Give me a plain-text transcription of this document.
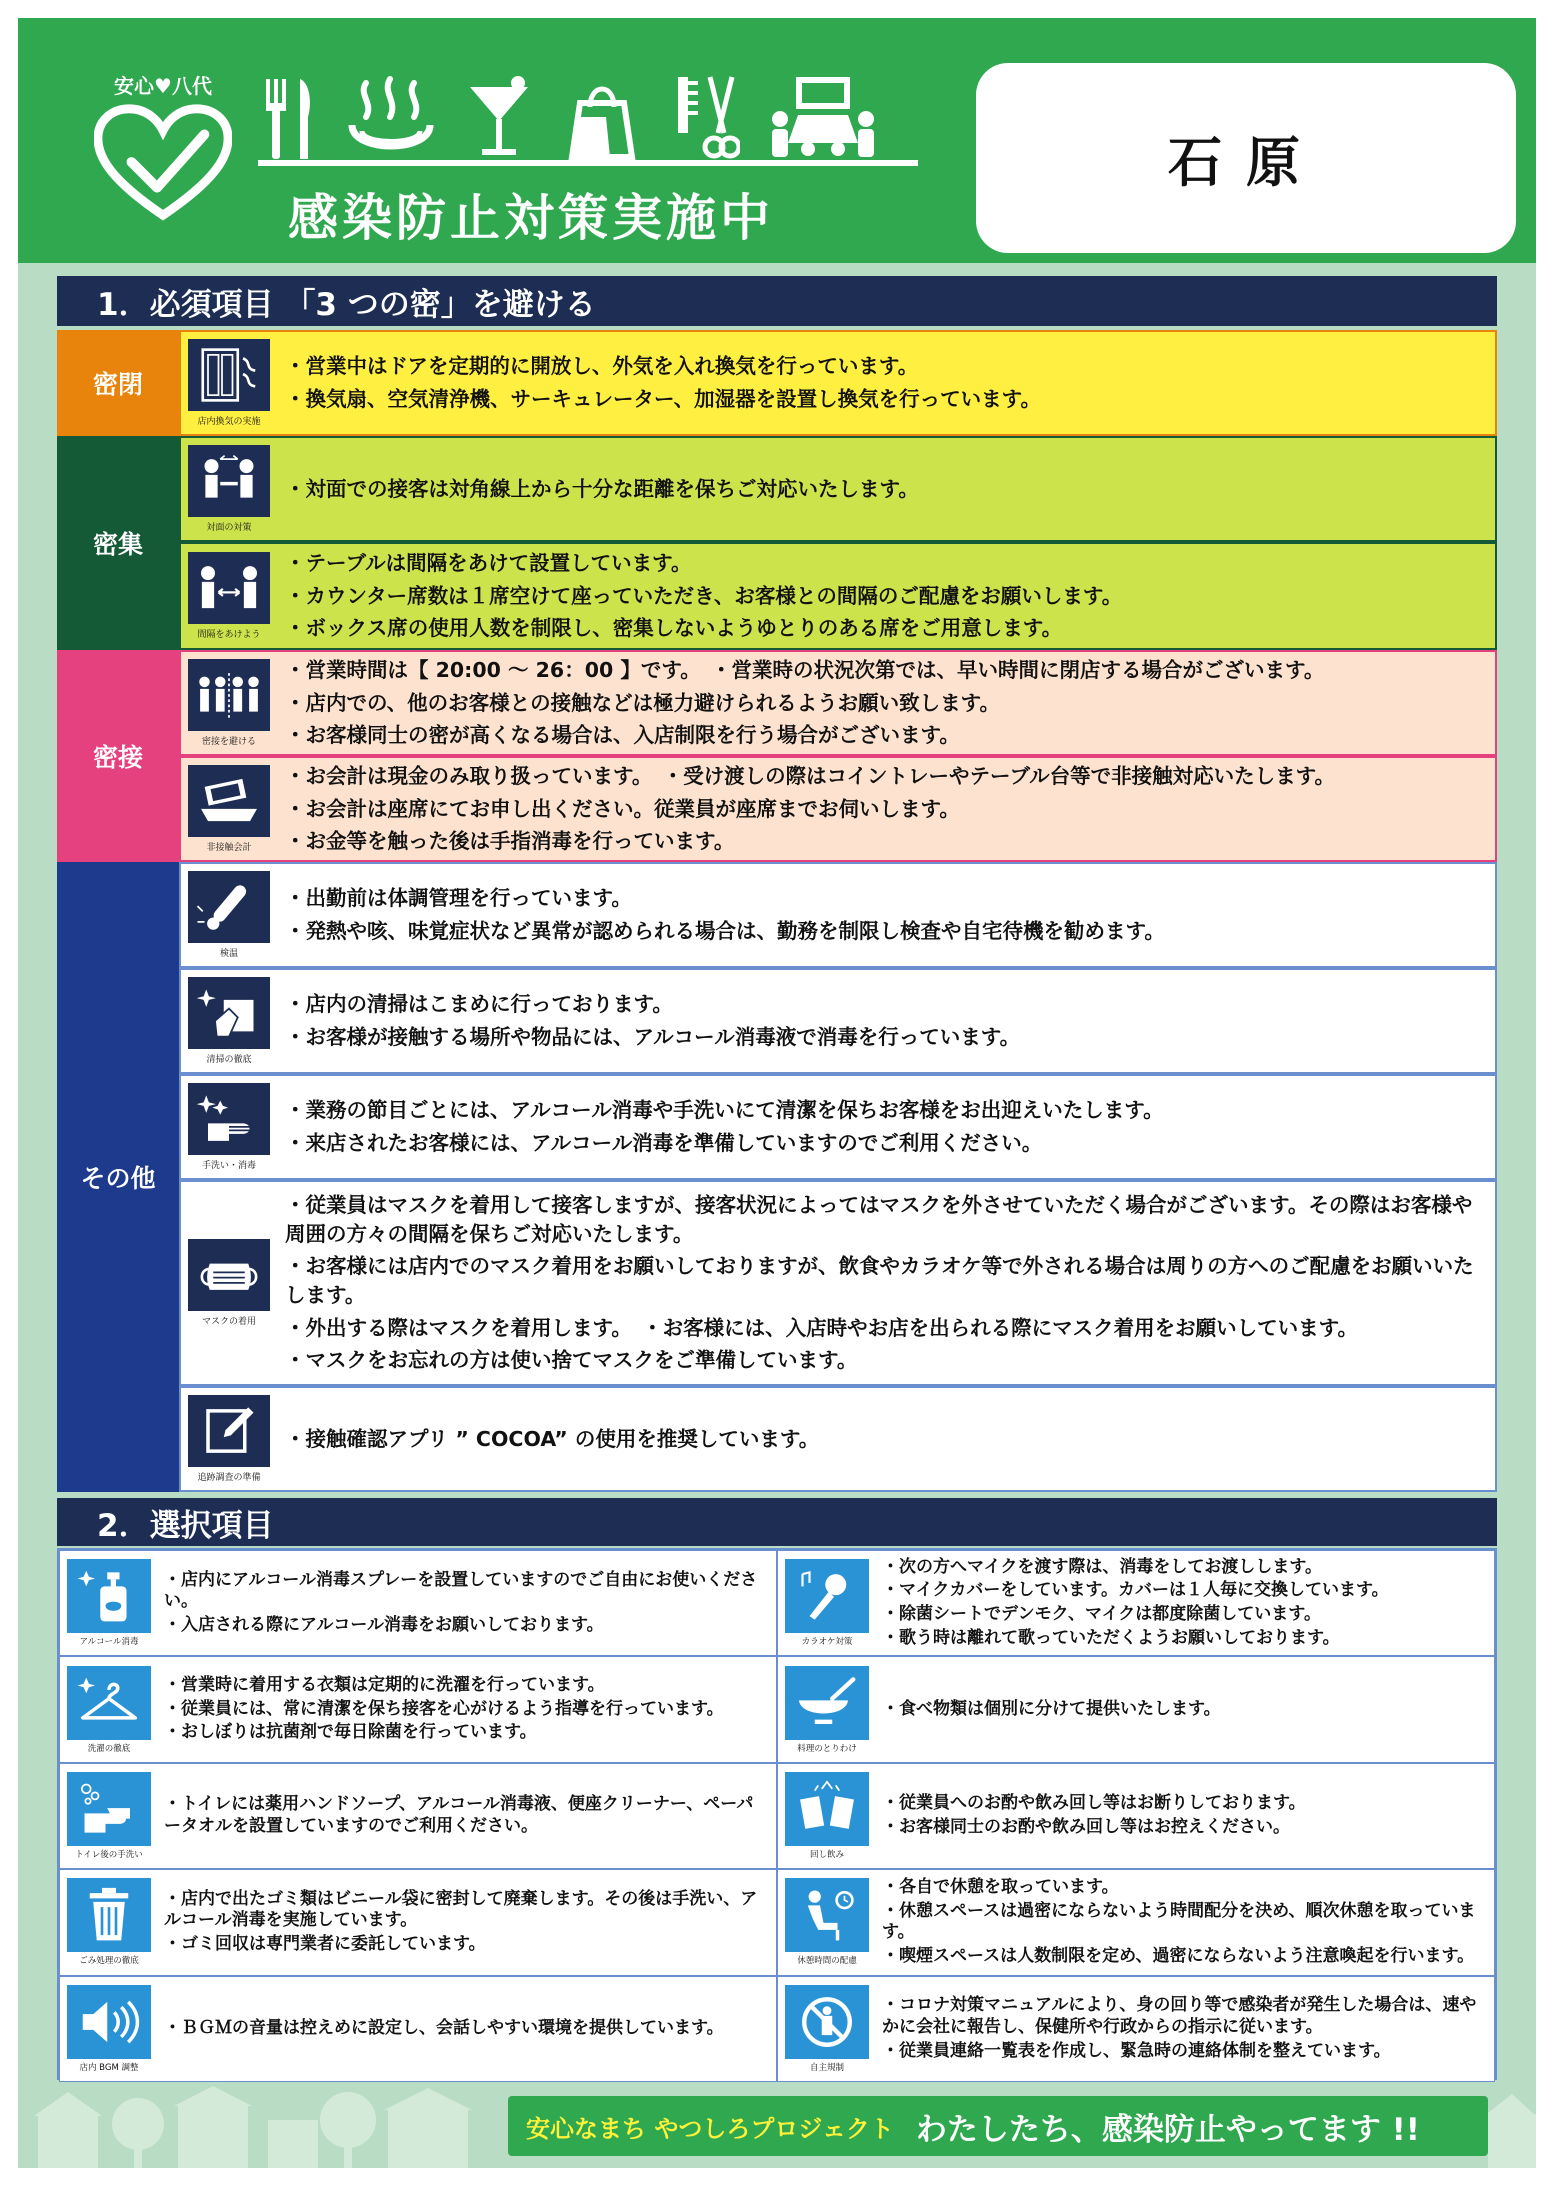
安心♥八代
感染防止対策実施中
石原
1．必須項目 「3 つの密」を避ける
密閉
店内換気の実施

・営業中はドアを定期的に開放し、外気を入れ換気を行っています。

・換気扇、空気清浄機、サーキュレーター、加湿器を設置し換気を行っています。

密集
対面の対策

・対面での接客は対角線上から十分な距離を保ちご対応いたします。

間隔をあけよう

・テーブルは間隔をあけて設置しています。

・カウンター席数は１席空けて座っていただき、お客様との間隔のご配慮をお願いします。

・ボックス席の使用人数を制限し、密集しないようゆとりのある席をご用意します。

密接
密接を避ける

・営業時間は【 20:00 ～ 26：00 】です。　・営業時の状況次第では、早い時間に閉店する場合がございます。

・店内での、他のお客様との接触などは極力避けられるようお願い致します。

・お客様同士の密が高くなる場合は、入店制限を行う場合がございます。

非接触会計

・お会計は現金のみ取り扱っています。　・受け渡しの際はコイントレーやテーブル台等で非接触対応いたします。

・お会計は座席にてお申し出ください。従業員が座席までお伺いします。

・お金等を触った後は手指消毒を行っています。

その他
検温

・出勤前は体調管理を行っています。

・発熱や咳、味覚症状など異常が認められる場合は、勤務を制限し検査や自宅待機を勧めます。

清掃の徹底

・店内の清掃はこまめに行っております。

・お客様が接触する場所や物品には、アルコール消毒液で消毒を行っています。

手洗い・消毒

・業務の節目ごとには、アルコール消毒や手洗いにて清潔を保ちお客様をお出迎えいたします。

・来店されたお客様には、アルコール消毒を準備していますのでご利用ください。

マスクの着用

・従業員はマスクを着用して接客しますが、接客状況によってはマスクを外させていただく場合がございます。その際はお客様や周囲の方々の間隔を保ちご対応いたします。

・お客様には店内でのマスク着用をお願いしておりますが、飲食やカラオケ等で外される場合は周りの方へのご配慮をお願いいたします。

・外出する際はマスクを着用します。　・お客様には、入店時やお店を出られる際にマスク着用をお願いしています。

・マスクをお忘れの方は使い捨てマスクをご準備しています。

追跡調査の準備

・接触確認アプリ ” COCOA” の使用を推奨しています。

2．選択項目
アルコール消毒

・店内にアルコール消毒スプレーを設置していますのでご自由にお使いください。

・入店される際にアルコール消毒をお願いしております。

カラオケ対策

・次の方へマイクを渡す際は、消毒をしてお渡しします。

・マイクカバーをしています。カバーは１人毎に交換しています。

・除菌シートでデンモク、マイクは都度除菌しています。

・歌う時は離れて歌っていただくようお願いしております。

洗濯の徹底

・営業時に着用する衣類は定期的に洗濯を行っています。

・従業員には、常に清潔を保ち接客を心がけるよう指導を行っています。

・おしぼりは抗菌剤で毎日除菌を行っています。

料理のとりわけ

・食べ物類は個別に分けて提供いたします。

トイレ後の手洗い

・トイレには薬用ハンドソープ、アルコール消毒液、便座クリーナー、ペーパータオルを設置していますのでご利用ください。

回し飲み

・従業員へのお酌や飲み回し等はお断りしております。

・お客様同士のお酌や飲み回し等はお控えください。

ごみ処理の徹底

・店内で出たゴミ類はビニール袋に密封して廃棄します。その後は手洗い、アルコール消毒を実施しています。

・ゴミ回収は専門業者に委託しています。

休憩時間の配慮

・各自で休憩を取っています。

・休憩スペースは過密にならないよう時間配分を決め、順次休憩を取っています。

・喫煙スペースは人数制限を定め、過密にならないよう注意喚起を行います。

店内 BGM 調整

・ＢＧＭの音量は控えめに設定し、会話しやすい環境を提供しています。

自主規制

・コロナ対策マニュアルにより、身の回り等で感染者が発生した場合は、速やかに会社に報告し、保健所や行政からの指示に従います。

・従業員連絡一覧表を作成し、緊急時の連絡体制を整えています。

安心なまち やつしろプロジェクト わたしたち、感染防止やってます !!
